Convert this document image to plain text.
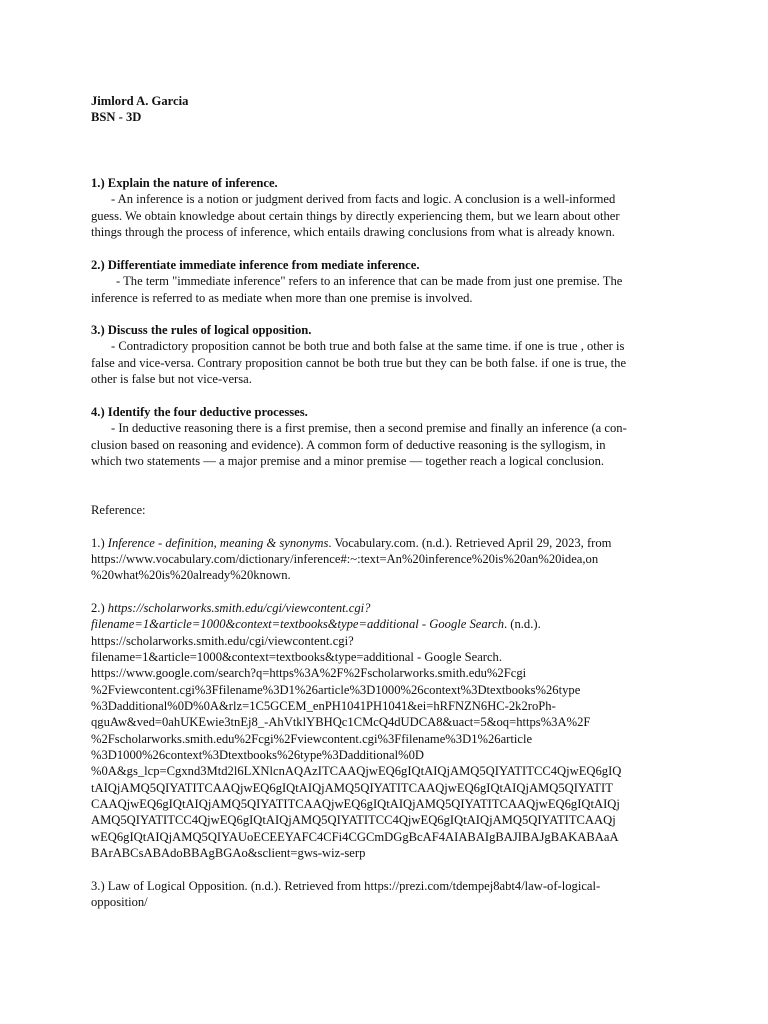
Jimlord A. Garcia
BSN - 3D
1.) Explain the nature of inference.
- An inference is a notion or judgment derived from facts and logic. A conclusion is a well-informed
guess. We obtain knowledge about certain things by directly experiencing them, but we learn about other
things through the process of inference, which entails drawing conclusions from what is already known.
2.) Differentiate immediate inference from mediate inference.
- The term "immediate inference" refers to an inference that can be made from just one premise. The
inference is referred to as mediate when more than one premise is involved.
3.) Discuss the rules of logical opposition.
- Contradictory proposition cannot be both true and both false at the same time. if one is true , other is
false and vice-versa. Contrary proposition cannot be both true but they can be both false. if one is true, the
other is false but not vice-versa.
4.) Identify the four deductive processes.
- In deductive reasoning there is a first premise, then a second premise and finally an inference (a con-
clusion based on reasoning and evidence). A common form of deductive reasoning is the syllogism, in
which two statements — a major premise and a minor premise — together reach a logical conclusion.
Reference:
1.) Inference - definition, meaning & synonyms. Vocabulary.com. (n.d.). Retrieved April 29, 2023, from
https://www.vocabulary.com/dictionary/inference#:~:text=An%20inference%20is%20an%20idea,on
%20what%20is%20already%20known.
2.) https://scholarworks.smith.edu/cgi/viewcontent.cgi?
filename=1&article=1000&context=textbooks&type=additional - Google Search. (n.d.).
https://scholarworks.smith.edu/cgi/viewcontent.cgi?
filename=1&article=1000&context=textbooks&type=additional - Google Search.
https://www.google.com/search?q=https%3A%2F%2Fscholarworks.smith.edu%2Fcgi
%2Fviewcontent.cgi%3Ffilename%3D1%26article%3D1000%26context%3Dtextbooks%26type
%3Dadditional%0D%0A&rlz=1C5GCEM_enPH1041PH1041&ei=hRFNZN6HC-2k2roPh-
qguAw&ved=0ahUKEwie3tnEj8_-AhVtklYBHQc1CMcQ4dUDCA8&uact=5&oq=https%3A%2F
%2Fscholarworks.smith.edu%2Fcgi%2Fviewcontent.cgi%3Ffilename%3D1%26article
%3D1000%26context%3Dtextbooks%26type%3Dadditional%0D
%0A&gs_lcp=Cgxnd3Mtd2l6LXNlcnAQAzITCAAQjwEQ6gIQtAIQjAMQ5QIYATITCC4QjwEQ6gIQ
tAIQjAMQ5QIYATITCAAQjwEQ6gIQtAIQjAMQ5QIYATITCAAQjwEQ6gIQtAIQjAMQ5QIYATIT
CAAQjwEQ6gIQtAIQjAMQ5QIYATITCAAQjwEQ6gIQtAIQjAMQ5QIYATITCAAQjwEQ6gIQtAIQj
AMQ5QIYATITCC4QjwEQ6gIQtAIQjAMQ5QIYATITCC4QjwEQ6gIQtAIQjAMQ5QIYATITCAAQj
wEQ6gIQtAIQjAMQ5QIYAUoECEEYAFC4CFi4CGCmDGgBcAF4AIABAIgBAJIBAJgBAKABAaA
BArABCsABAdoBBAgBGAo&sclient=gws-wiz-serp
3.) Law of Logical Opposition. (n.d.). Retrieved from https://prezi.com/tdempej8abt4/law-of-logical-
opposition/
